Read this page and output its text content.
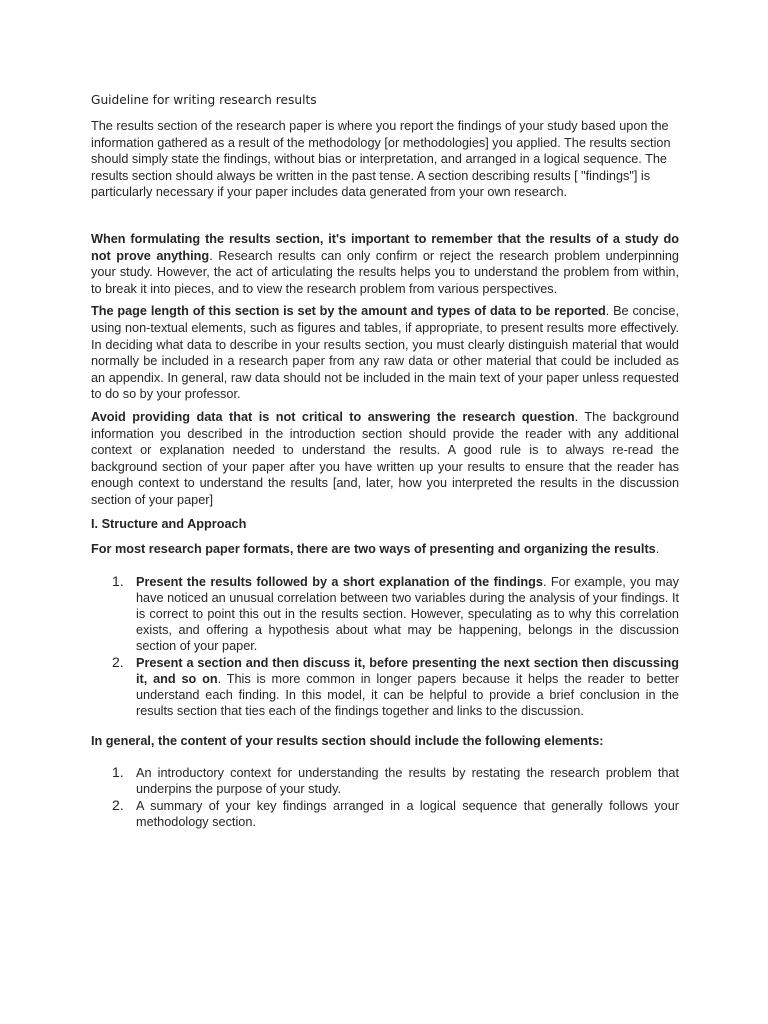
Guideline for writing research results

The results section of the research paper is where you report the findings of your study based upon the information gathered as a result of the methodology [or methodologies] you applied. The results section should simply state the findings, without bias or interpretation, and arranged in a logical sequence. The results section should always be written in the past tense. A section describing results [ "findings"] is particularly necessary if your paper includes data generated from your own research.

When formulating the results section, it's important to remember that the results of a study do not prove anything. Research results can only confirm or reject the research problem underpinning your study. However, the act of articulating the results helps you to understand the problem from within, to break it into pieces, and to view the research problem from various perspectives.

The page length of this section is set by the amount and types of data to be reported. Be concise, using non-textual elements, such as figures and tables, if appropriate, to present results more effectively. In deciding what data to describe in your results section, you must clearly distinguish material that would normally be included in a research paper from any raw data or other material that could be included as an appendix. In general, raw data should not be included in the main text of your paper unless requested to do so by your professor.

Avoid providing data that is not critical to answering the research question. The background information you described in the introduction section should provide the reader with any additional context or explanation needed to understand the results. A good rule is to always re-read the background section of your paper after you have written up your results to ensure that the reader has enough context to understand the results [and, later, how you interpreted the results in the discussion section of your paper]

I. Structure and Approach

For most research paper formats, there are two ways of presenting and organizing the results.

1. Present the results followed by a short explanation of the findings. For example, you may have noticed an unusual correlation between two variables during the analysis of your findings. It is correct to point this out in the results section. However, speculating as to why this correlation exists, and offering a hypothesis about what may be happening, belongs in the discussion section of your paper.
2. Present a section and then discuss it, before presenting the next section then discussing it, and so on. This is more common in longer papers because it helps the reader to better understand each finding. In this model, it can be helpful to provide a brief conclusion in the results section that ties each of the findings together and links to the discussion.

In general, the content of your results section should include the following elements:

1. An introductory context for understanding the results by restating the research problem that underpins the purpose of your study.
2. A summary of your key findings arranged in a logical sequence that generally follows your methodology section.
